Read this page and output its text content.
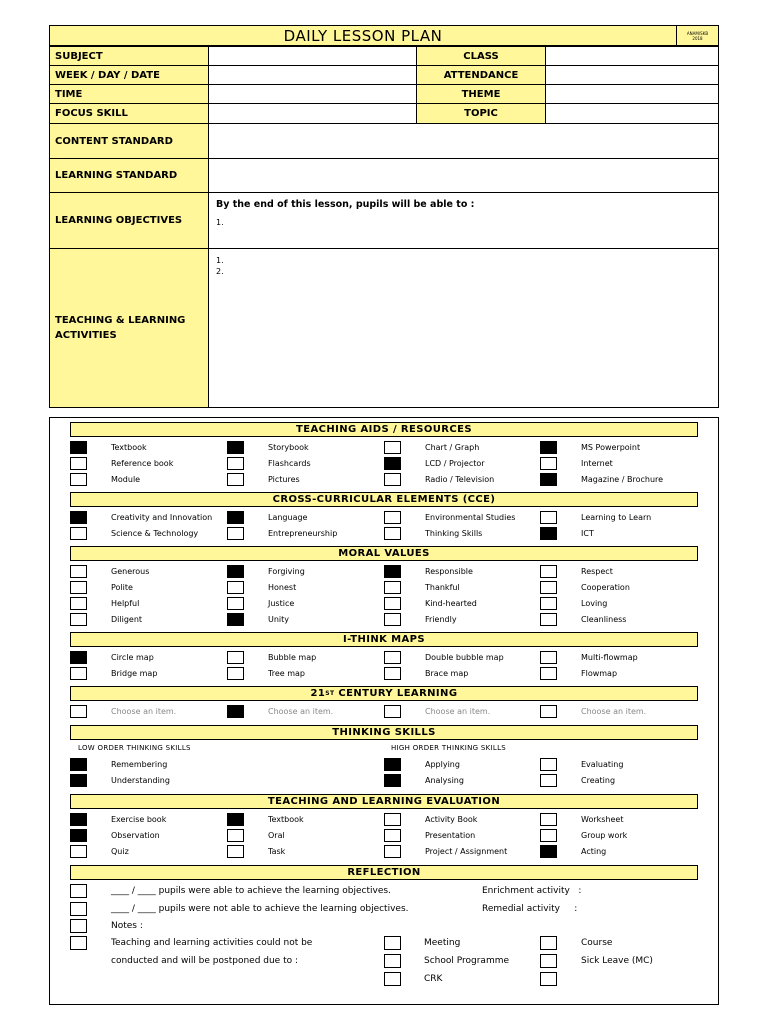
DAILY LESSON PLAN	ANAM/SKB
2018
SUBJECT	CLASS
WEEK / DAY / DATE	ATTENDANCE
TIME	THEME
FOCUS SKILL	TOPIC
CONTENT STANDARD
LEARNING STANDARD
LEARNING OBJECTIVES
By the end of this lesson, pupils will be able to :
1.
TEACHING & LEARNING
ACTIVITIES
1.
2.
TEACHING AIDS / RESOURCES
Textbook	Storybook	Chart / Graph	MS Powerpoint
Reference book	Flashcards	LCD / Projector	Internet
Module	Pictures	Radio / Television	Magazine / Brochure
CROSS-CURRICULAR ELEMENTS (CCE)
Creativity and Innovation	Language	Environmental Studies	Learning to Learn
Science & Technology	Entrepreneurship	Thinking Skills	ICT
MORAL VALUES
Generous	Forgiving	Responsible	Respect
Polite	Honest	Thankful	Cooperation
Helpful	Justice	Kind-hearted	Loving
Diligent	Unity	Friendly	Cleanliness
I-THINK MAPS
Circle map	Bubble map	Double bubble map	Multi-flowmap
Bridge map	Tree map	Brace map	Flowmap
21 ST CENTURY LEARNING
Choose an item.	Choose an item.	Choose an item.	Choose an item.
THINKING SKILLS
LOW ORDER THINKING SKILLS	HIGH ORDER THINKING SKILLS
Remembering	Applying	Evaluating
Understanding	Analysing	Creating
TEACHING AND LEARNING EVALUATION
Exercise book	Textbook	Activity Book	Worksheet
Observation	Oral	Presentation	Group work
Quiz	Task	Project / Assignment	Acting
REFLECTION
____ / ____ pupils were able to achieve the learning objectives.	Enrichment activity   :
____ / ____ pupils were not able to achieve the learning objectives.	Remedial activity     :
Notes :
Teaching and learning activities could not be
conducted and will be postponed due to :
Meeting	Course
School Programme	Sick Leave (MC)
CRK
